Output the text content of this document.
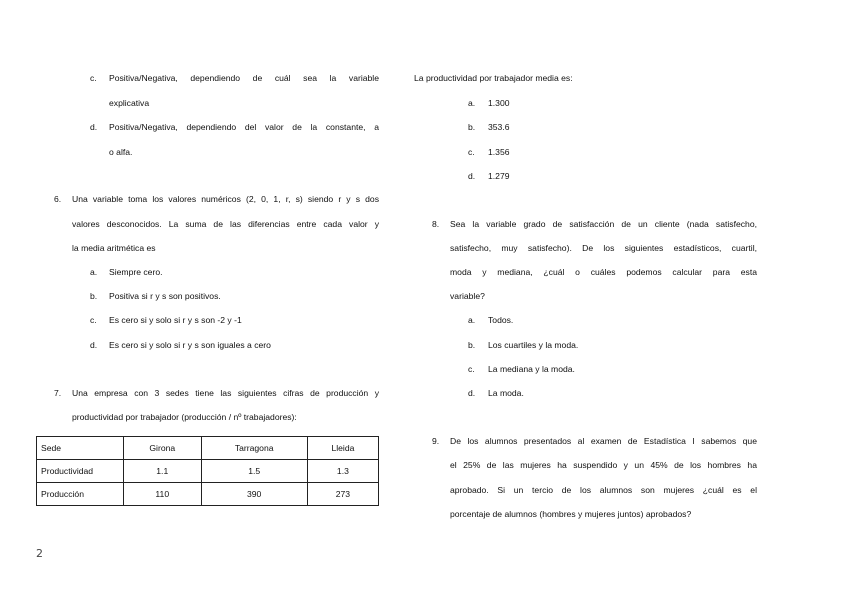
c. Positiva/Negativa, dependiendo de cuál sea la variable
explicativa
d. Positiva/Negativa, dependiendo del valor de la constante, a
o alfa.
6. Una variable toma los valores numéricos (2, 0, 1, r, s) siendo r y s dos
valores desconocidos. La suma de las diferencias entre cada valor y
la media aritmética es
a. Siempre cero.
b. Positiva si r y s son positivos.
c. Es cero si y solo si r y s son -2 y -1
d. Es cero si y solo si r y s son iguales a cero
7. Una empresa con 3 sedes tiene las siguientes cifras de producción y
productividad por trabajador (producción / nº trabajadores):
Sede	Girona	Tarragona	Lleida
Productividad	1.1	1.5	1.3
Producción	110	390	273
2
La productividad por trabajador media es:
a. 1.300
b. 353.6
c. 1.356
d. 1.279
8. Sea la variable grado de satisfacción de un cliente (nada satisfecho,
satisfecho, muy satisfecho). De los siguientes estadísticos, cuartil,
moda y mediana, ¿cuál o cuáles podemos calcular para esta
variable?
a. Todos.
b. Los cuartiles y la moda.
c. La mediana y la moda.
d. La moda.
9. De los alumnos presentados al examen de Estadística I sabemos que
el 25% de las mujeres ha suspendido y un 45% de los hombres ha
aprobado. Si un tercio de los alumnos son mujeres ¿cuál es el
porcentaje de alumnos (hombres y mujeres juntos) aprobados?
